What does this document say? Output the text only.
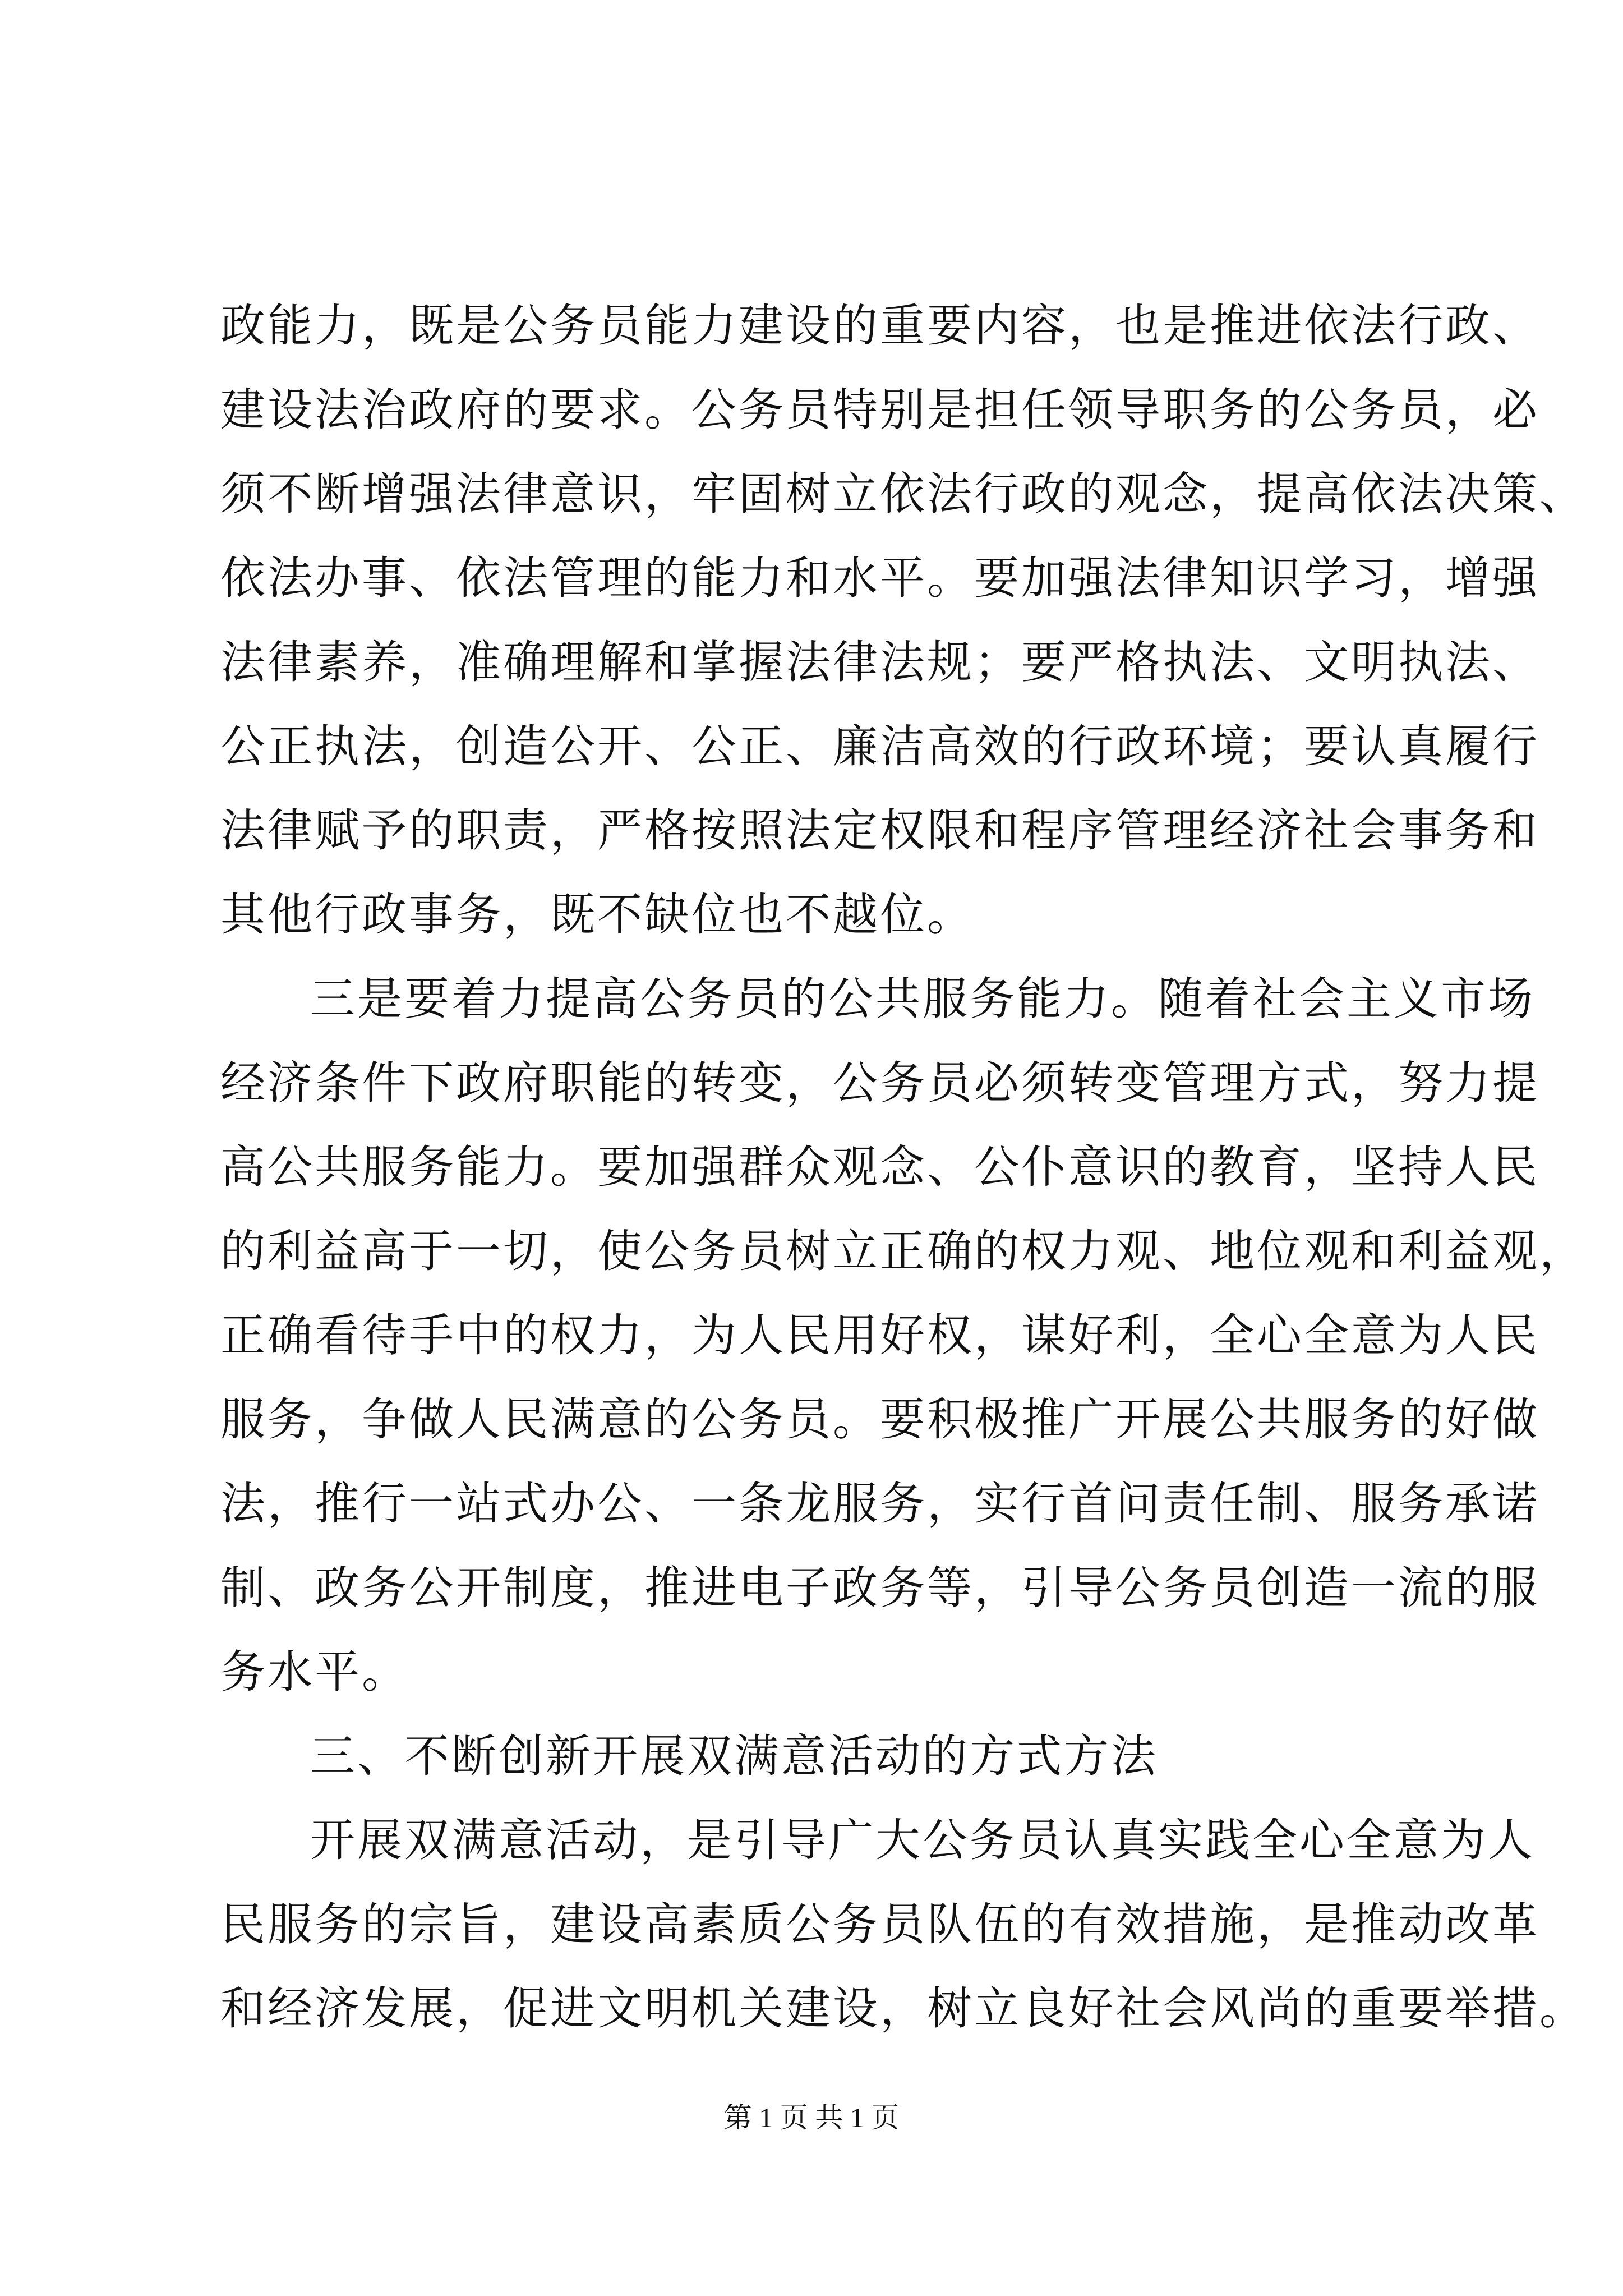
政能力，既是公务员能力建设的重要内容，也是推进依法行政、
建设法治政府的要求。公务员特别是担任领导职务的公务员，必
须不断增强法律意识，牢固树立依法行政的观念，提高依法决策、
依法办事、依法管理的能力和水平。要加强法律知识学习，增强
法律素养，准确理解和掌握法律法规；要严格执法、文明执法、
公正执法，创造公开、公正、廉洁高效的行政环境；要认真履行
法律赋予的职责，严格按照法定权限和程序管理经济社会事务和
其他行政事务，既不缺位也不越位。
三是要着力提高公务员的公共服务能力。随着社会主义市场
经济条件下政府职能的转变，公务员必须转变管理方式，努力提
高公共服务能力。要加强群众观念、公仆意识的教育，坚持人民
的利益高于一切，使公务员树立正确的权力观、地位观和利益观，
正确看待手中的权力，为人民用好权，谋好利，全心全意为人民
服务，争做人民满意的公务员。要积极推广开展公共服务的好做
法，推行一站式办公、一条龙服务，实行首问责任制、服务承诺
制、政务公开制度，推进电子政务等，引导公务员创造一流的服
务水平。
三、不断创新开展双满意活动的方式方法
开展双满意活动，是引导广大公务员认真实践全心全意为人
民服务的宗旨，建设高素质公务员队伍的有效措施，是推动改革
和经济发展，促进文明机关建设，树立良好社会风尚的重要举措。
第 1 页 共 1 页
